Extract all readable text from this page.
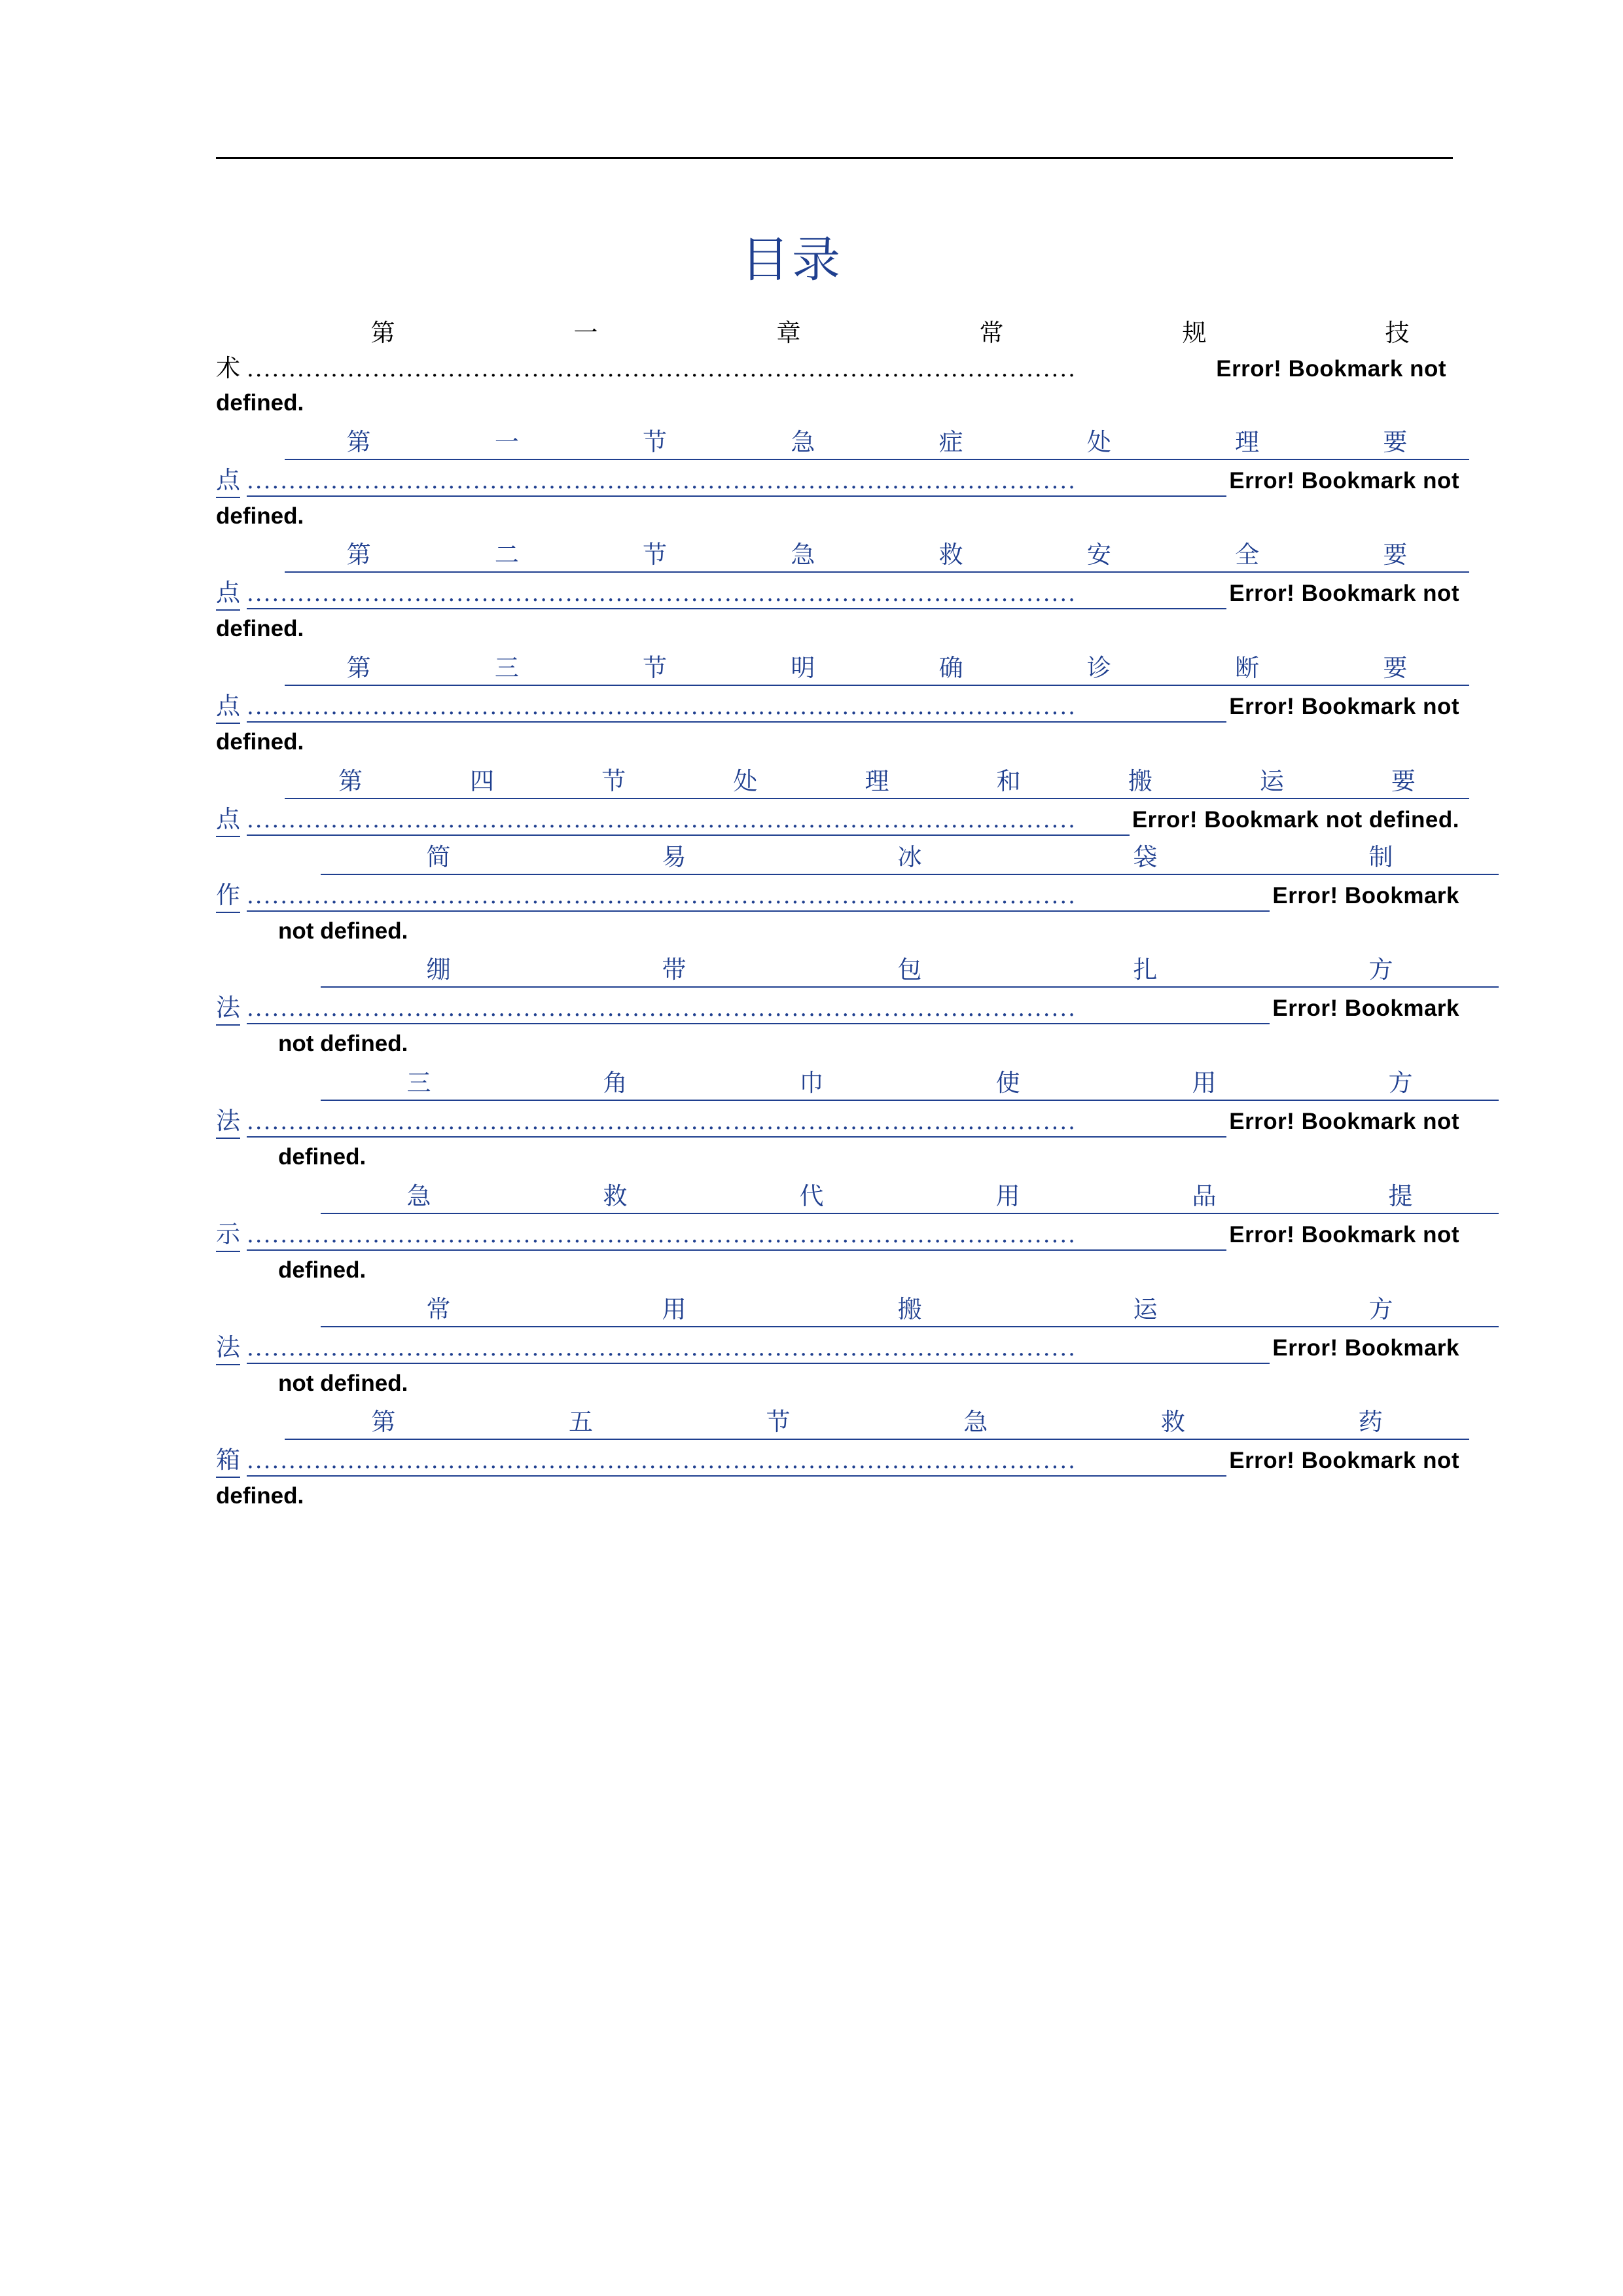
目录
第	一	章	常	规	技
术 ...................................................................................................	Error! Bookmark not
defined.
第	一	节	急	症	处	理	要
点 ...................................................................................................	Error! Bookmark not
defined.
第	二	节	急	救	安	全	要
点 ...................................................................................................	Error! Bookmark not
defined.
第	三	节	明	确	诊	断	要
点 ...................................................................................................	Error! Bookmark not
defined.
第	四	节	处	理	和	搬	运	要
点 ...................................................................................................	Error! Bookmark not defined.
简	易	冰	袋	制
作 ...................................................................................................	Error! Bookmark
not defined.
绷	带	包	扎	方
法 ...................................................................................................	Error! Bookmark
not defined.
三	角	巾	使	用	方
法 ...................................................................................................	Error! Bookmark not
defined.
急	救	代	用	品	提
示 ...................................................................................................	Error! Bookmark not
defined.
常	用	搬	运	方
法 ...................................................................................................	Error! Bookmark
not defined.
第	五	节	急	救	药
箱 ...................................................................................................	Error! Bookmark not
defined.
